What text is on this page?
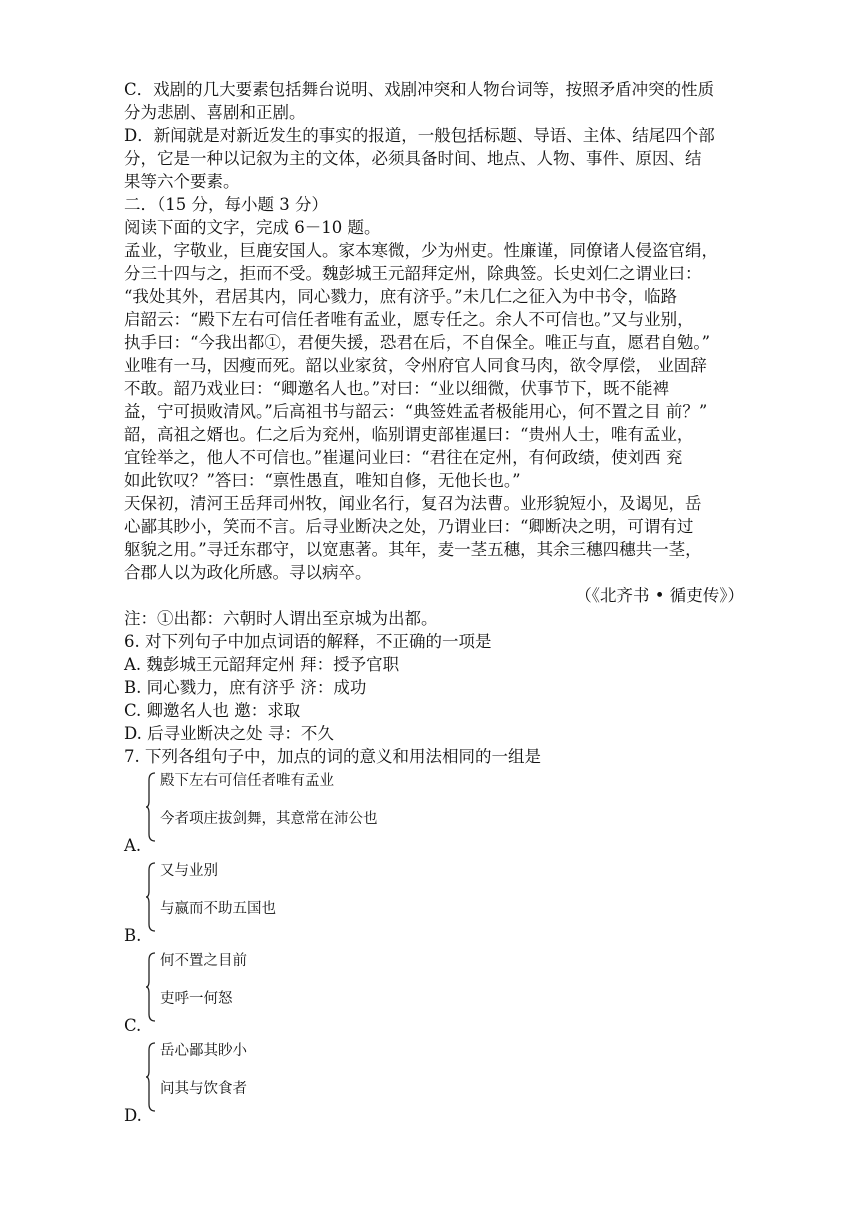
C．戏剧的几大要素包括舞台说明、戏剧冲突和人物台词等，按照矛盾冲突的性质
分为悲剧、喜剧和正剧。
D．新闻就是对新近发生的事实的报道，一般包括标题、导语、主体、结尾四个部
分，它是一种以记叙为主的文体，必须具备时间、地点、人物、事件、原因、结
果等六个要素。
二．（15 分，每小题 3 分）
阅读下面的文字，完成 6－10 题。
孟业，字敬业，巨鹿安国人。家本寒微，少为州吏。性廉谨，同僚诸人侵盗官绢，
分三十四与之，拒而不受。魏彭城王元韶拜定州，除典签。长史刘仁之谓业曰：
“我处其外，君居其内，同心戮力，庶有济乎。”未几仁之征入为中书令，临路
启韶云：“殿下左右可信任者唯有孟业，愿专任之。余人不可信也。”又与业别，
执手曰：“今我出都①，君便失援，恐君在后，不自保全。唯正与直，愿君自勉。”
业唯有一马，因瘦而死。韶以业家贫，令州府官人同食马肉，欲令厚偿， 业固辞
不敢。韶乃戏业曰：“卿邀名人也。”对曰：“业以细微，伏事节下，既不能裨
益，宁可损败清风。”后高祖书与韶云：“典签姓孟者极能用心，何不置之目 前？”
韶，高祖之婿也。仁之后为兖州，临别谓吏部崔暹曰：“贵州人士，唯有孟业，
宜铨举之，他人不可信也。”崔暹问业曰：“君往在定州，有何政绩，使刘西 兖
如此钦叹？”答曰：“禀性愚直，唯知自修，无他长也。”
天保初，清河王岳拜司州牧，闻业名行，复召为法曹。业形貌短小，及谒见，岳
心鄙其眇小，笑而不言。后寻业断决之处，乃谓业曰：“卿断决之明，可谓有过
躯貌之用。”寻迁东郡守，以宽惠著。其年，麦一茎五穗，其余三穗四穗共一茎，
合郡人以为政化所感。寻以病卒。
（《北齐书 • 循吏传》）
注：①出都：六朝时人谓出至京城为出都。
6. 对下列句子中加点词语的解释，不正确的一项是
A. 魏彭城王元韶拜定州 拜：授予官职
B. 同心戮力，庶有济乎 济：成功
C. 卿邀名人也 邀：求取
D. 后寻业断决之处 寻：不久
7. 下列各组句子中，加点的词的意义和用法相同的一组是
殿下左右可信任者唯有孟业
今者项庄拔剑舞，其意常在沛公也
A.
又与业别
与嬴而不助五国也
B.
何不置之目前
吏呼一何怒
C.
岳心鄙其眇小
问其与饮食者
D.
